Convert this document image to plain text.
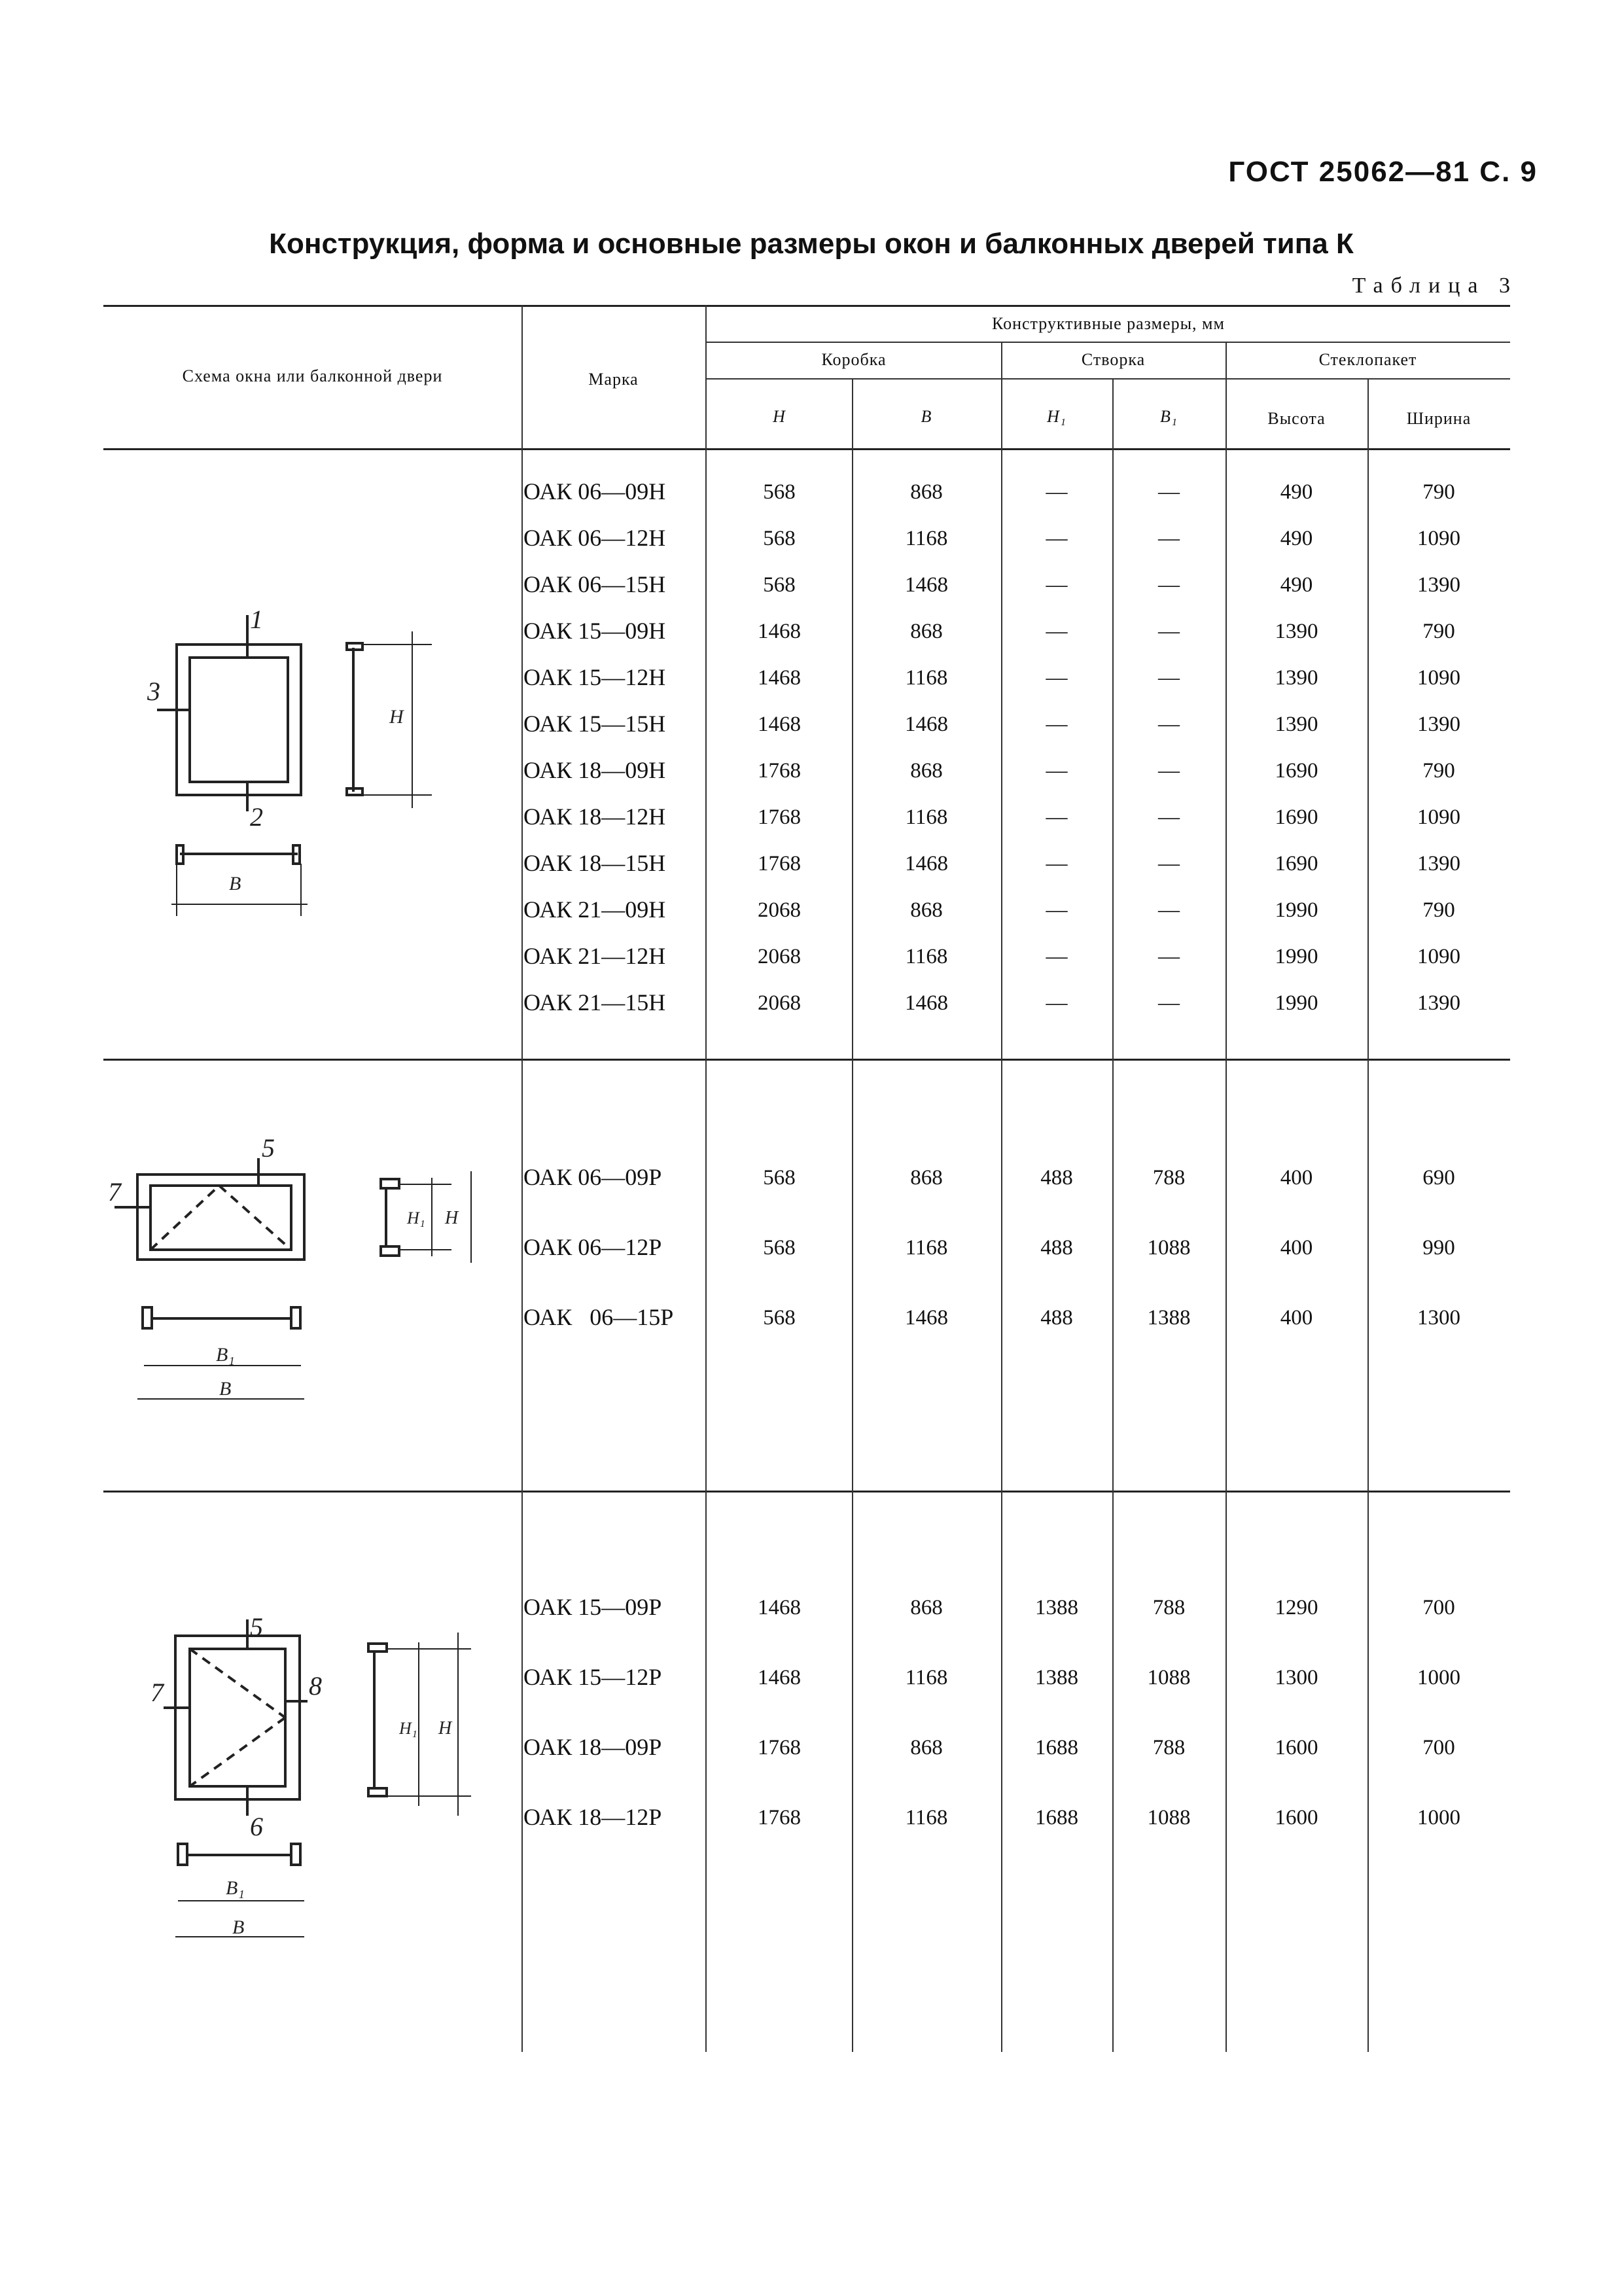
ГОСТ 25062—81 С. 9
Конструкция, форма и основные размеры окон и балконных дверей типа К
Таблица 3
Схема окна или балконной двери	Марка
Конструктивные размеры, мм
Коробка	Створка	Стеклопакет
H	B	H₁	B₁	Высота	Ширина
ОАК 06—09Н	568	868	—	—	490	790
ОАК 06—12Н	568	1168	—	—	490	1090
ОАК 06—15Н	568	1468	—	—	490	1390
ОАК 15—09Н	1468	868	—	—	1390	790
ОАК 15—12Н	1468	1168	—	—	1390	1090
ОАК 15—15Н	1468	1468	—	—	1390	1390
ОАК 18—09Н	1768	868	—	—	1690	790
ОАК 18—12Н	1768	1168	—	—	1690	1090
ОАК 18—15Н	1768	1468	—	—	1690	1390
ОАК 21—09Н	2068	868	—	—	1990	790
ОАК 21—12Н	2068	1168	—	—	1990	1090
ОАК 21—15Н	2068	1468	—	—	1990	1390
ОАК 06—09Р	568	868	488	788	400	690
ОАК 06—12Р	568	1168	488	1088	400	990
ОАК   06—15Р	568	1468	488	1388	400	1300
ОАК 15—09Р	1468	868	1388	788	1290	700
ОАК 15—12Р	1468	1168	1388	1088	1300	1000
ОАК 18—09Р	1768	868	1688	788	1600	700
ОАК 18—12Р	1768	1168	1688	1088	1600	1000
1
2
3
H
B
5
7
H₁ H
B₁
B
5
7	8
6
H₁ H
B₁
B
